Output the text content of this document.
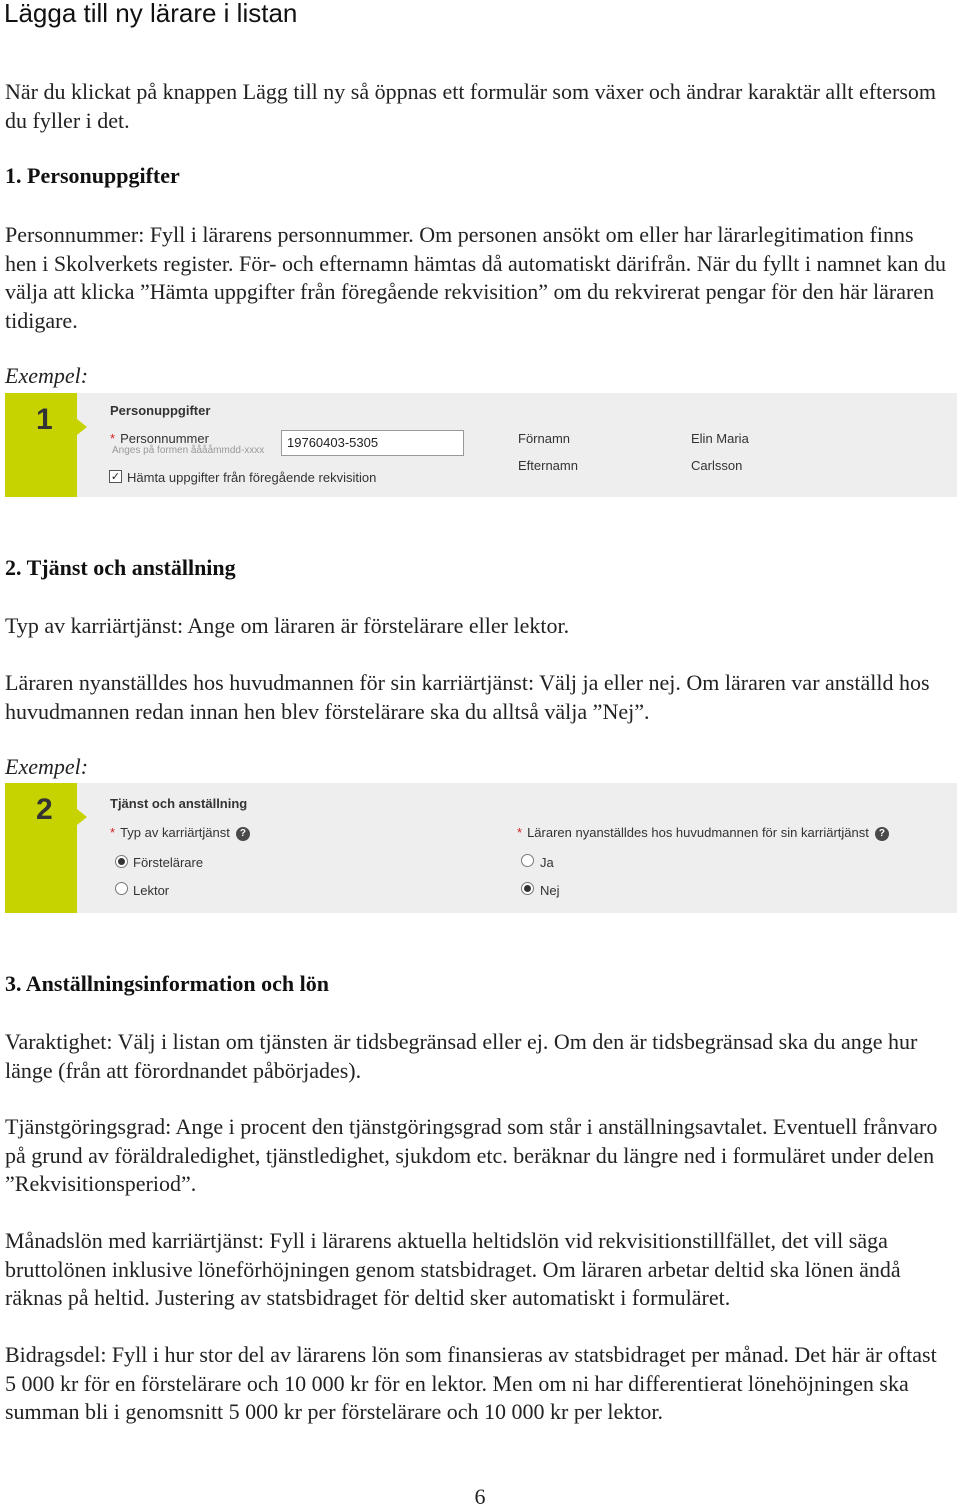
Lägga till ny lärare i listan
När du klickat på knappen Lägg till ny så öppnas ett formulär som växer och ändrar karaktär allt eftersom du fyller i det.
1. Personuppgifter
Personnummer: Fyll i lärarens personnummer. Om personen ansökt om eller har lärarlegitimation finns hen i Skolverkets register. För- och efternamn hämtas då automatiskt därifrån. När du fyllt i namnet kan du välja att klicka ”Hämta uppgifter från föregående rekvisition” om du rekvirerat pengar för den här läraren tidigare.
Exempel:
1	Personuppgifter
* Personnummer
Anges på formen ååååmmdd-xxxx
19760403-5305
✓ Hämta uppgifter från föregående rekvisition
Förnamn	Elin Maria
Efternamn	Carlsson
2. Tjänst och anställning
Typ av karriärtjänst: Ange om läraren är förstelärare eller lektor.
Läraren nyanställdes hos huvudmannen för sin karriärtjänst: Välj ja eller nej. Om läraren var anställd hos huvudmannen redan innan hen blev förstelärare ska du alltså välja ”Nej”.
Exempel:
2	Tjänst och anställning
* Typ av karriärtjänst ?
Förstelärare
Lektor
* Läraren nyanställdes hos huvudmannen för sin karriärtjänst ?
Ja
Nej
3. Anställningsinformation och lön
Varaktighet: Välj i listan om tjänsten är tidsbegränsad eller ej. Om den är tidsbegränsad ska du ange hur länge (från att förordnandet påbörjades).
Tjänstgöringsgrad: Ange i procent den tjänstgöringsgrad som står i anställningsavtalet. Eventuell frånvaro på grund av föräldraledighet, tjänstledighet, sjukdom etc. beräknar du längre ned i formuläret under delen ”Rekvisitionsperiod”.
Månadslön med karriärtjänst: Fyll i lärarens aktuella heltidslön vid rekvisitionstillfället, det vill säga bruttolönen inklusive löneförhöjningen genom statsbidraget. Om läraren arbetar deltid ska lönen ändå räknas på heltid. Justering av statsbidraget för deltid sker automatiskt i formuläret.
Bidragsdel: Fyll i hur stor del av lärarens lön som finansieras av statsbidraget per månad. Det här är oftast 5 000 kr för en förstelärare och 10 000 kr för en lektor. Men om ni har differentierat lönehöjningen ska summan bli i genomsnitt 5 000 kr per förstelärare och 10 000 kr per lektor.
6
